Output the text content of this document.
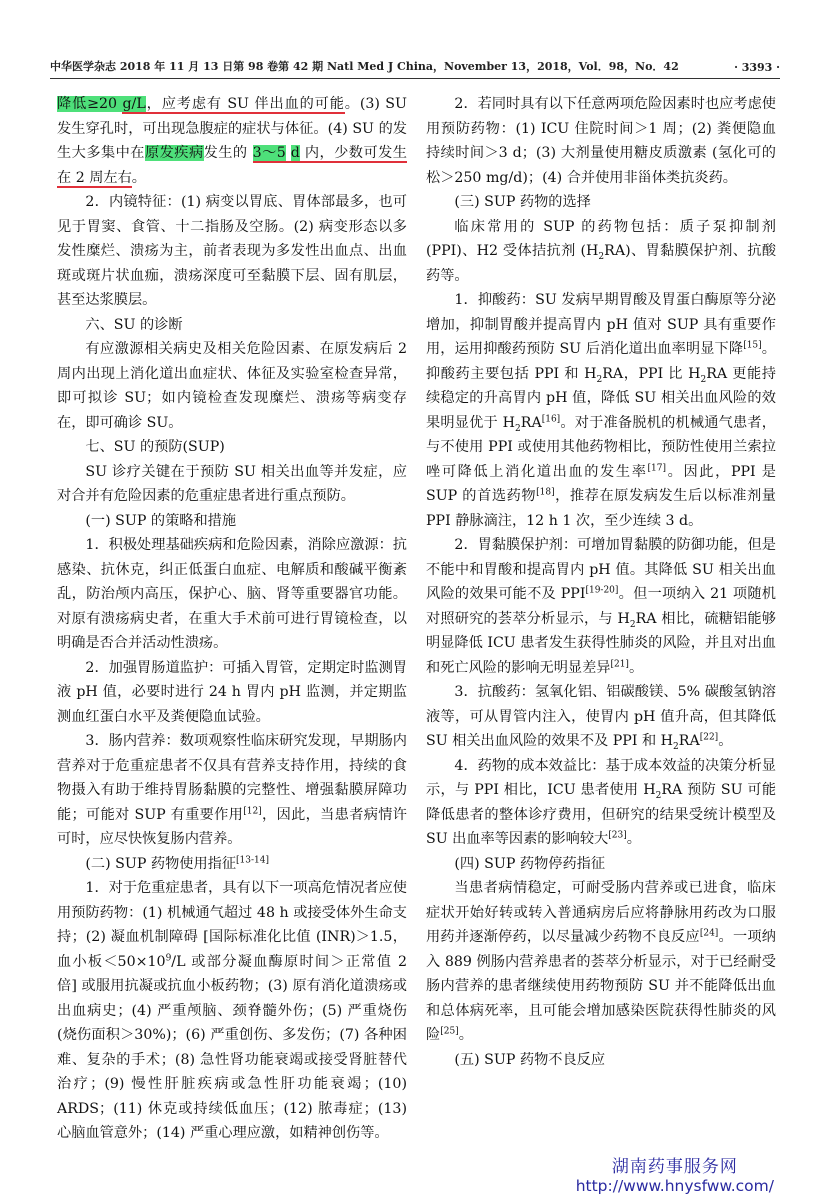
中华医学杂志 2018 年 11 月 13 日第 98 卷第 42 期 Natl Med J China，November 13，2018，Vol．98，No．42	· 3393 ·

降低≥20 g/L，应考虑有 SU 伴出血的可能。(3) SU 发生穿孔时，可出现急腹症的症状与体征。(4) SU 的发生大多集中在原发疾病发生的 3～5 d 内，少数可发生在 2 周左右。

2．内镜特征：(1) 病变以胃底、胃体部最多，也可见于胃窦、食管、十二指肠及空肠。(2) 病变形态以多发性糜烂、溃疡为主，前者表现为多发性出血点、出血斑或斑片状血痂，溃疡深度可至黏膜下层、固有肌层，甚至达浆膜层。

六、SU 的诊断

有应激源相关病史及相关危险因素、在原发病后 2 周内出现上消化道出血症状、体征及实验室检查异常，即可拟诊 SU；如内镜检查发现糜烂、溃疡等病变存在，即可确诊 SU。

七、SU 的预防(SUP)

SU 诊疗关键在于预防 SU 相关出血等并发症，应对合并有危险因素的危重症患者进行重点预防。

(一) SUP 的策略和措施

1．积极处理基础疾病和危险因素，消除应激源：抗感染、抗休克，纠正低蛋白血症、电解质和酸碱平衡紊乱，防治颅内高压，保护心、脑、肾等重要器官功能。对原有溃疡病史者，在重大手术前可进行胃镜检查，以明确是否合并活动性溃疡。

2．加强胃肠道监护：可插入胃管，定期定时监测胃液 pH 值，必要时进行 24 h 胃内 pH 监测，并定期监测血红蛋白水平及粪便隐血试验。

3．肠内营养：数项观察性临床研究发现，早期肠内营养对于危重症患者不仅具有营养支持作用，持续的食物摄入有助于维持胃肠黏膜的完整性、增强黏膜屏障功能；可能对 SUP 有重要作用[12]，因此，当患者病情许可时，应尽快恢复肠内营养。

(二) SUP 药物使用指征[13-14]

1．对于危重症患者，具有以下一项高危情况者应使用预防药物：(1) 机械通气超过 48 h 或接受体外生命支持；(2) 凝血机制障碍 [国际标准化比值 (INR)＞1.5，血小板$<50\times 10^9/L$ 或部分凝血酶原时间＞正常值 2 倍] 或服用抗凝或抗血小板药物；(3) 原有消化道溃疡或出血病史；(4) 严重颅脑、颈脊髓外伤；(5) 严重烧伤 (烧伤面积＞30%)；(6) 严重创伤、多发伤；(7) 各种困难、复杂的手术；(8) 急性肾功能衰竭或接受肾脏替代治疗；(9) 慢性肝脏疾病或急性肝功能衰竭；(10) ARDS；(11) 休克或持续低血压；(12) 脓毒症；(13) 心脑血管意外；(14) 严重心理应激，如精神创伤等。

2．若同时具有以下任意两项危险因素时也应考虑使用预防药物：(1) ICU 住院时间＞1 周；(2) 粪便隐血持续时间＞3 d；(3) 大剂量使用糖皮质激素 (氢化可的松＞250 mg/d)；(4) 合并使用非甾体类抗炎药。

(三) SUP 药物的选择

临床常用的 SUP 的药物包括：质子泵抑制剂 (PPI)、H2 受体拮抗剂 $(H_2RA)$、胃黏膜保护剂、抗酸药等。

1．抑酸药：SU 发病早期胃酸及胃蛋白酶原等分泌增加，抑制胃酸并提高胃内 pH 值对 SUP 具有重要作用，运用抑酸药预防 SU 后消化道出血率明显下降[15]。抑酸药主要包括 PPI 和 $H_2RA$，PPI 比 $H_2RA$ 更能持续稳定的升高胃内 pH 值，降低 SU 相关出血风险的效果明显优于 $H_2RA[16]$。对于准备脱机的机械通气患者，与不使用 PPI 或使用其他药物相比，预防性使用兰索拉唑可降低上消化道出血的发生率[17]。因此，PPI 是 SUP 的首选药物[18]，推荐在原发病发生后以标准剂量 PPI 静脉滴注，12 h 1 次，至少连续 3 d。

2．胃黏膜保护剂：可增加胃黏膜的防御功能，但是不能中和胃酸和提高胃内 pH 值。其降低 SU 相关出血风险的效果可能不及 PPI[19-20]。但一项纳入 21 项随机对照研究的荟萃分析显示，与 $H_2RA$ 相比，硫糖铝能够明显降低 ICU 患者发生获得性肺炎的风险，并且对出血和死亡风险的影响无明显差异[21]。

3．抗酸药：氢氧化铝、铝碳酸镁、5% 碳酸氢钠溶液等，可从胃管内注入，使胃内 pH 值升高，但其降低 SU 相关出血风险的效果不及 PPI 和 $H_2RA[22]$。

4．药物的成本效益比：基于成本效益的决策分析显示，与 PPI 相比，ICU 患者使用 $H_2RA$ 预防 SU 可能降低患者的整体诊疗费用，但研究的结果受统计模型及 SU 出血率等因素的影响较大[23]。

(四) SUP 药物停药指征

当患者病情稳定，可耐受肠内营养或已进食，临床症状开始好转或转入普通病房后应将静脉用药改为口服用药并逐渐停药，以尽量减少药物不良反应[24]。一项纳入 889 例肠内营养患者的荟萃分析显示，对于已经耐受肠内营养的患者继续使用药物预防 SU 并不能降低出血和总体病死率，且可能会增加感染医院获得性肺炎的风险[25]。

(五) SUP 药物不良反应
湖南药事服务网
http://www.hnysfww.com/
